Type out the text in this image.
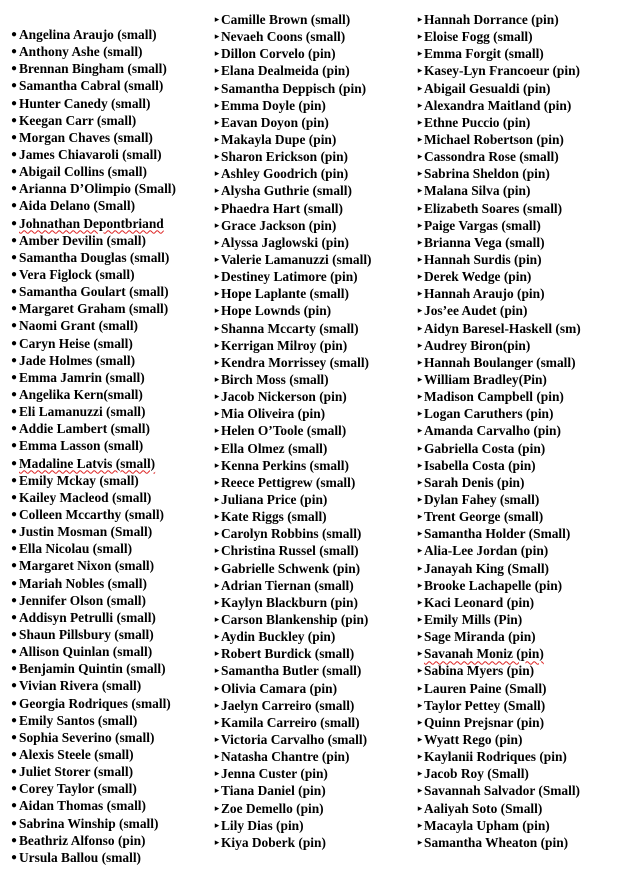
● Angelina Araujo (small)
● Anthony Ashe (small)
● Brennan Bingham (small)
● Samantha Cabral (small)
● Hunter Canedy (small)
● Keegan Carr (small)
● Morgan Chaves (small)
● James Chiavaroli (small)
● Abigail Collins (small)
● Arianna D’Olimpio (Small)
● Aida Delano (Small)
● Johnathan Depontbriand
● Amber Devilin (small)
● Samantha Douglas (small)
● Vera Figlock (small)
● Samantha Goulart (small)
● Margaret Graham (small)
● Naomi Grant (small)
● Caryn Heise (small)
● Jade Holmes (small)
● Emma Jamrin (small)
● Angelika Kern(small)
● Eli Lamanuzzi (small)
● Addie Lambert (small)
● Emma Lasson (small)
● Madaline Latvis (small)
● Emily Mckay (small)
● Kailey Macleod (small)
● Colleen Mccarthy (small)
● Justin Mosman (Small)
● Ella Nicolau (small)
● Margaret Nixon (small)
● Mariah Nobles (small)
● Jennifer Olson (small)
● Addisyn Petrulli (small)
● Shaun Pillsbury (small)
● Allison Quinlan (small)
● Benjamin Quintin (small)
● Vivian Rivera (small)
● Georgia Rodriques (small)
● Emily Santos (small)
● Sophia Severino (small)
● Alexis Steele (small)
● Juliet Storer (small)
● Corey Taylor (small)
● Aidan Thomas (small)
● Sabrina Winship (small)
● Beathriz Alfonso (pin)
● Ursula Ballou (small)
▸ Camille Brown (small)
▸ Nevaeh Coons (small)
▸ Dillon Corvelo (pin)
▸ Elana Dealmeida (pin)
▸ Samantha Deppisch (pin)
▸ Emma Doyle (pin)
▸ Eavan Doyon (pin)
▸ Makayla Dupe (pin)
▸ Sharon Erickson (pin)
▸ Ashley Goodrich (pin)
▸ Alysha Guthrie (small)
▸ Phaedra Hart (small)
▸ Grace Jackson (pin)
▸ Alyssa Jaglowski (pin)
▸ Valerie Lamanuzzi (small)
▸ Destiney Latimore (pin)
▸ Hope Laplante (small)
▸ Hope Lownds (pin)
▸ Shanna Mccarty (small)
▸ Kerrigan Milroy (pin)
▸ Kendra Morrissey (small)
▸ Birch Moss (small)
▸ Jacob Nickerson (pin)
▸ Mia Oliveira (pin)
▸ Helen O’Toole (small)
▸ Ella Olmez (small)
▸ Kenna Perkins (small)
▸ Reece Pettigrew (small)
▸ Juliana Price (pin)
▸ Kate Riggs (small)
▸ Carolyn Robbins (small)
▸ Christina Russel (small)
▸ Gabrielle Schwenk (pin)
▸ Adrian Tiernan (small)
▸ Kaylyn Blackburn (pin)
▸ Carson Blankenship (pin)
▸ Aydin Buckley (pin)
▸ Robert Burdick (small)
▸ Samantha Butler (small)
▸ Olivia Camara (pin)
▸ Jaelyn Carreiro (small)
▸ Kamila Carreiro (small)
▸ Victoria Carvalho (small)
▸ Natasha Chantre (pin)
▸ Jenna Custer (pin)
▸ Tiana Daniel (pin)
▸ Zoe Demello (pin)
▸ Lily Dias (pin)
▸ Kiya Doberk (pin)
▸ Hannah Dorrance (pin)
▸ Eloise Fogg (small)
▸ Emma Forgit (small)
▸ Kasey-Lyn Francoeur (pin)
▸ Abigail Gesualdi (pin)
▸ Alexandra Maitland (pin)
▸ Ethne Puccio (pin)
▸ Michael Robertson (pin)
▸ Cassondra Rose (small)
▸ Sabrina Sheldon (pin)
▸ Malana Silva (pin)
▸ Elizabeth Soares (small)
▸ Paige Vargas (small)
▸ Brianna Vega (small)
▸ Hannah Surdis (pin)
▸ Derek Wedge (pin)
▸ Hannah Araujo (pin)
▸ Jos’ee Audet (pin)
▸ Aidyn Baresel-Haskell (sm)
▸ Audrey Biron(pin)
▸ Hannah Boulanger (small)
▸ William Bradley(Pin)
▸ Madison Campbell (pin)
▸ Logan Caruthers (pin)
▸ Amanda Carvalho (pin)
▸ Gabriella Costa (pin)
▸ Isabella Costa (pin)
▸ Sarah Denis (pin)
▸ Dylan Fahey (small)
▸ Trent George (small)
▸ Samantha Holder (Small)
▸ Alia-Lee Jordan (pin)
▸ Janayah King (Small)
▸ Brooke Lachapelle (pin)
▸ Kaci Leonard (pin)
▸ Emily Mills (Pin)
▸ Sage Miranda (pin)
▸ Savanah Moniz (pin)
▸ Sabina Myers (pin)
▸ Lauren Paine (Small)
▸ Taylor Pettey (Small)
▸ Quinn Prejsnar (pin)
▸ Wyatt Rego (pin)
▸ Kaylanii Rodriques (pin)
▸ Jacob Roy (Small)
▸ Savannah Salvador (Small)
▸ Aaliyah Soto (Small)
▸ Macayla Upham (pin)
▸ Samantha Wheaton (pin)
